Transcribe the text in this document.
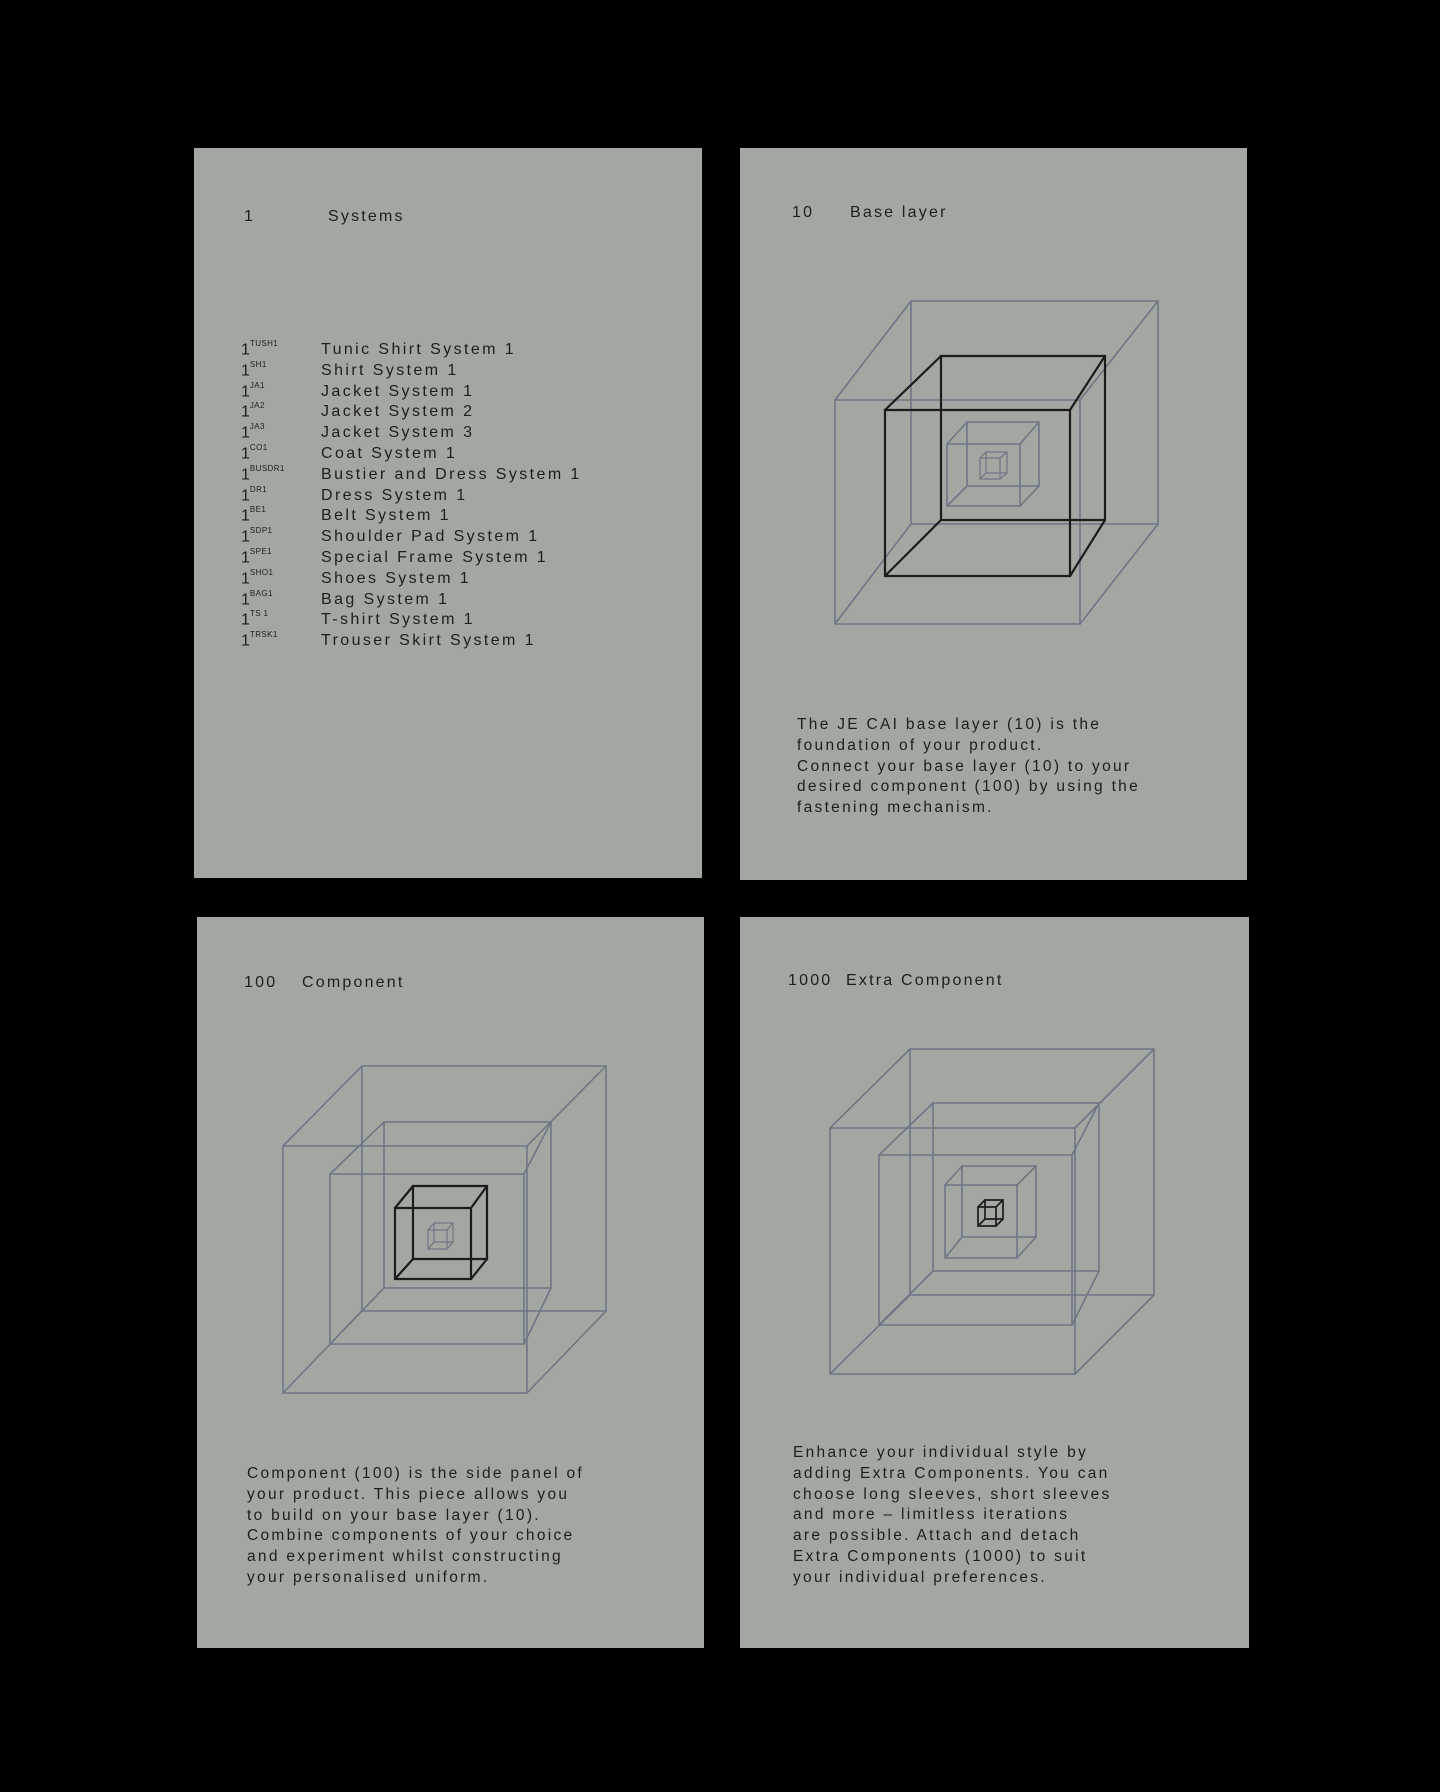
1

	Systems

$1^{TUSH1}$	Tunic Shirt System 1
$1^{SH1}$	Shirt System 1
$1^{JA1}$	Jacket System 1
$1^{JA2}$	Jacket System 2
$1^{JA3}$	Jacket System 3
$1^{CO1}$	Coat System 1
$1^{BUSDR1}$ Bustier and Dress System 1
$1^{DR1}$	Dress System 1
$1^{BE1}$	Belt System 1
$1^{SDP1}$	Shoulder Pad System 1
$1^{SPE1}$	Special Frame System 1
$1^{SHO1}$	Shoes System 1
$1^{BAG1}$	Bag System 1
$1^{TS 1}$	T-shirt System 1
$1^{TRSK1}$	Trouser Skirt System 1

10

Base layer

The JE CAI base layer (10) is the
foundation of your product.
Connect your base layer (10) to your
desired component (100) by using the
fastening mechanism.

100

Component

Component (100) is the side panel of
your product. This piece allows you
to build on your base layer (10).
Combine components of your choice
and experiment whilst constructing
your personalised uniform.

1000

Extra Component

Enhance your individual style by
adding Extra Components. You can
choose long sleeves, short sleeves
and more – limitless iterations
are possible. Attach and detach
Extra Components (1000) to suit
your individual preferences.
